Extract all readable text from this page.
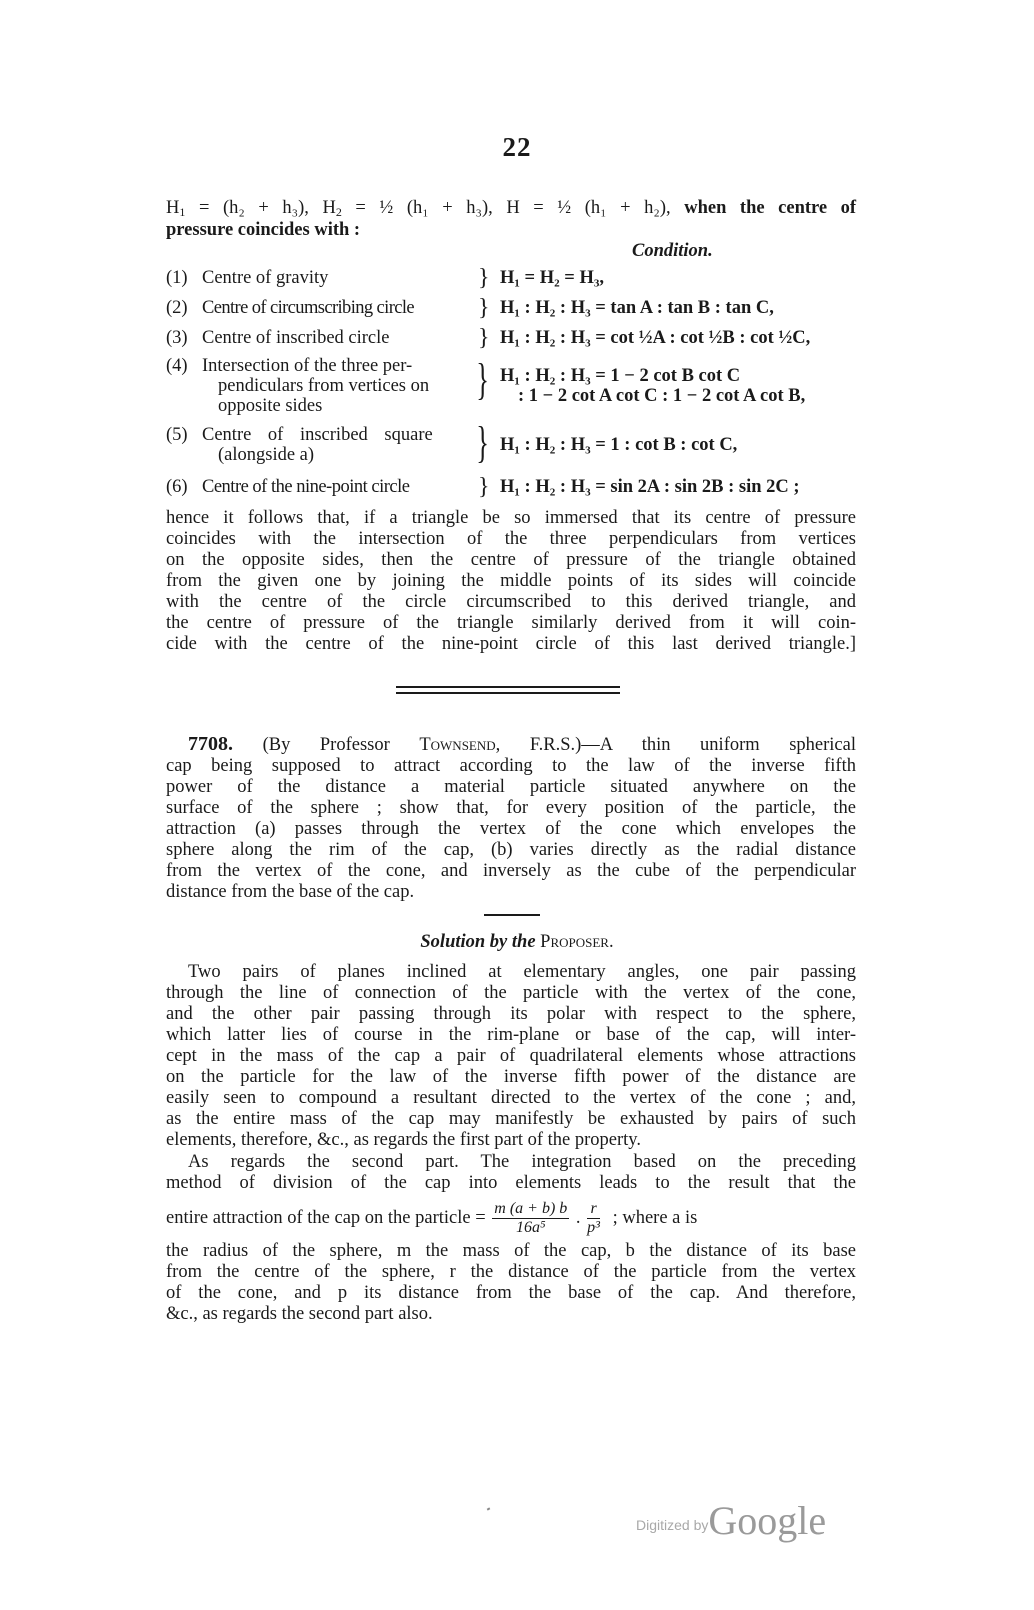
22
$H_1 = (h_2 + h_3)$, $H_2$ = ½ (h₁ + h₃), H = ½ (h₁ + h₂), when the centre of
pressure coincides with :
Condition.
(1) Centre of gravity	} H₁ = H₂ = H₃,
(2) Centre of circumscribing circle	} H₁ : H₂ : H₃ = tan A : tan B : tan C,
(3) Centre of inscribed circle	} H₁ : H₂ : H₃ = cot ½A : cot ½B : cot ½C,
(4) Intersection of the three per-
pendiculars from vertices on
opposite sides
} H₁ : H₂ : H₃ = 1 − 2 cot B cot C
: 1 − 2 cot A cot C : 1 − 2 cot A cot B,
(5) Centre of inscribed square
(alongside a)	} H₁ : H₂ : H₃ = 1 : cot B : cot C,
(6) Centre of the nine-point circle	} H₁ : H₂ : H₃ = sin 2A : sin 2B : sin 2C ;
hence it follows that, if a triangle be so immersed that its centre of pressure
coincides with the intersection of the three perpendiculars from vertices
on the opposite sides, then the centre of pressure of the triangle obtained
from the given one by joining the middle points of its sides will coincide
with the centre of the circle circumscribed to this derived triangle, and
the centre of pressure of the triangle similarly derived from it will coin-
cide with the centre of the nine-point circle of this last derived triangle.]
7708. (By Professor Townsend, F.R.S.)—A thin uniform spherical
cap being supposed to attract according to the law of the inverse fifth
power of the distance a material particle situated anywhere on the
surface of the sphere ; show that, for every position of the particle, the
attraction (a) passes through the vertex of the cone which envelopes the
sphere along the rim of the cap, (b) varies directly as the radial distance
from the vertex of the cone, and inversely as the cube of the perpendicular
distance from the base of the cap.
Solution by the Proposer.
Two pairs of planes inclined at elementary angles, one pair passing
through the line of connection of the particle with the vertex of the cone,
and the other pair passing through its polar with respect to the sphere,
which latter lies of course in the rim-plane or base of the cap, will inter-
cept in the mass of the cap a pair of quadrilateral elements whose attractions
on the particle for the law of the inverse fifth power of the distance are
easily seen to compound a resultant directed to the vertex of the cone ; and,
as the entire mass of the cap may manifestly be exhausted by pairs of such
elements, therefore, &c., as regards the first part of the property.
As regards the second part. The integration based on the preceding
method of division of the cap into elements leads to the result that the
entire attraction of the cap on the particle = $\frac{m (a + b) b}{\text{16a⁵}}$ . $\frac{r}{\text{p³}}$ ; where a is
the radius of the sphere, m the mass of the cap, b the distance of its base
from the centre of the sphere, r the distance of the particle from the vertex
of the cone, and p its distance from the base of the cap. And therefore,
&c., as regards the second part also.
Digitized byGoogle
